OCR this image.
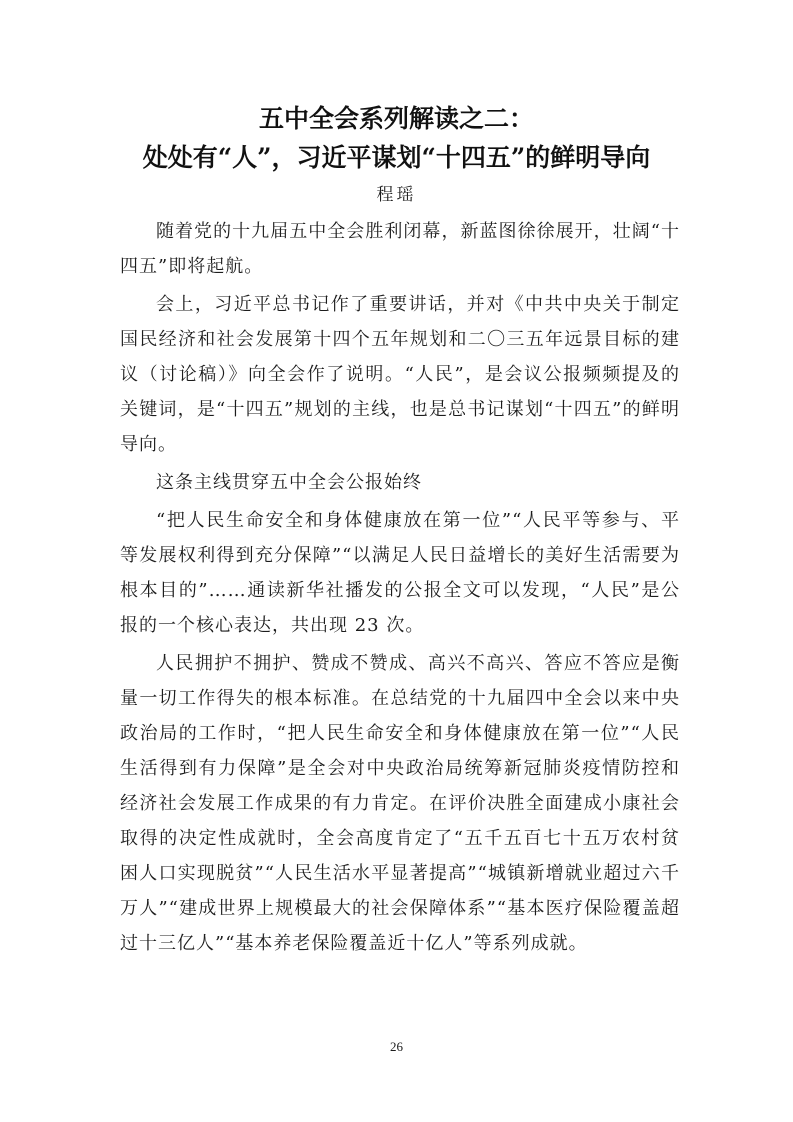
五中全会系列解读之二：
处处有“人”，习近平谋划“十四五”的鲜明导向
程瑶

随着党的十九届五中全会胜利闭幕，新蓝图徐徐展开，壮阔“十四五”即将起航。

会上，习近平总书记作了重要讲话，并对《中共中央关于制定国民经济和社会发展第十四个五年规划和二〇三五年远景目标的建议（讨论稿）》向全会作了说明。“人民”，是会议公报频频提及的关键词，是“十四五”规划的主线，也是总书记谋划“十四五”的鲜明导向。

这条主线贯穿五中全会公报始终

“把人民生命安全和身体健康放在第一位”“人民平等参与、平等发展权利得到充分保障”“以满足人民日益增长的美好生活需要为根本目的”……通读新华社播发的公报全文可以发现，“人民”是公报的一个核心表达，共出现 23 次。

人民拥护不拥护、赞成不赞成、高兴不高兴、答应不答应是衡量一切工作得失的根本标准。在总结党的十九届四中全会以来中央政治局的工作时，“把人民生命安全和身体健康放在第一位”“人民生活得到有力保障”是全会对中央政治局统筹新冠肺炎疫情防控和经济社会发展工作成果的有力肯定。在评价决胜全面建成小康社会取得的决定性成就时，全会高度肯定了“五千五百七十五万农村贫困人口实现脱贫”“人民生活水平显著提高”“城镇新增就业超过六千万人”“建成世界上规模最大的社会保障体系”“基本医疗保险覆盖超过十三亿人”“基本养老保险覆盖近十亿人”等系列成就。

26
